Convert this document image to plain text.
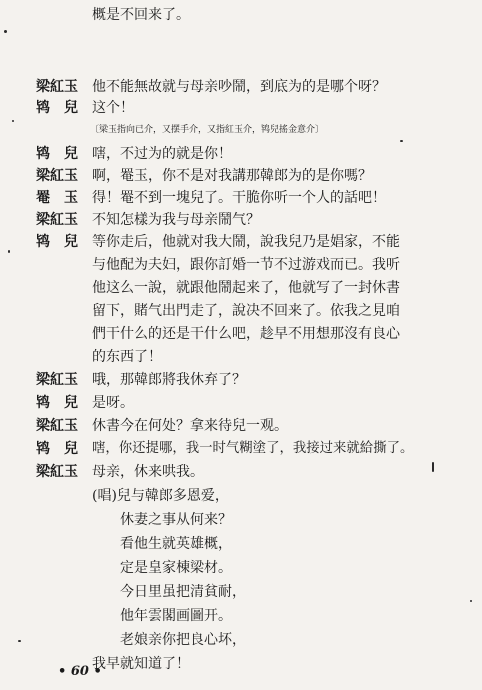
概是不回来了。
梁紅玉	他不能無故就与母亲吵鬧，到底为的是哪个呀？
鸨　兒	这个！
〔梁玉指向已介，又摆手介，又指紅玉介，鸨兒搖金意介〕
鸨　兒	嗐，不过为的就是你！
梁紅玉	啊，罨玉，你不是对我講那韓郎为的是你嗎？
罨　玉	得！罨不到一塊兒了。干脆你听一个人的話吧！
梁紅玉	不知怎樣为我与母亲鬧气？
鸨　兒	等你走后，他就对我大鬧，說我兒乃是娼家，不能
与他配为夫妇，跟你訂婚一节不过游戏而已。我听
他这么一說，就跟他鬧起来了，他就写了一封休書
留下，賭气出門走了，說决不回来了。依我之見咱
們干什么的还是干什么吧，趁早不用想那沒有良心
的东西了！
梁紅玉	哦，那韓郎將我休弃了？
鸨　兒	是呀。
梁紅玉	休書今在何处？拿来待兒一观。
鸨　兒	嗐，你还提哪，我一时气糊塗了，我接过来就給撕了。
梁紅玉	母亲，休来哄我。
(唱)兒与韓郎多恩爱，
休妻之事从何来？
看他生就英雄概，
定是皇家棟梁材。
今日里虽把清貧耐，
他年雲閣画圖开。
老娘亲你把良心坏，
我早就知道了！
• 60 •
